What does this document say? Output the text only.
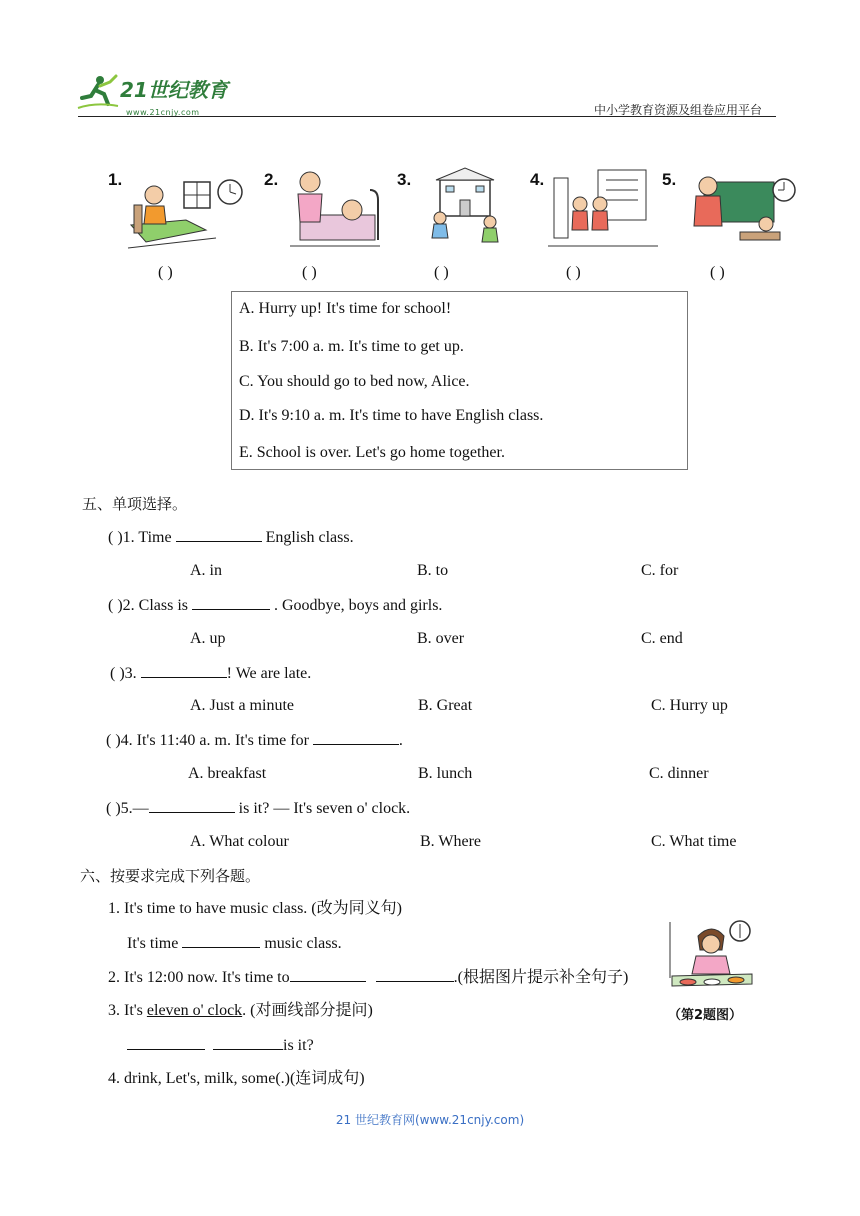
21世纪教育
www.21cnjy.com	中小学教育资源及组卷应用平台
1.	2.	3.	4.	5.
( )	( )	( )	( )	( )
A. Hurry up! It's time for school!
B. It's 7:00 a. m. It's time to get up.
C. You should go to bed now, Alice.
D. It's 9:10 a. m. It's time to have English class.
E. School is over. Let's go home together.
五、单项选择。
( )1. Time	English class.
A. in	B. to	C. for
( )2. Class is	. Goodbye, boys and girls.
A. up	B. over	C. end
( )3.	! We are late.
A. Just a minute	B. Great	C. Hurry up
( )4. It's 11:40 a. m. It's time for	.
A. breakfast	B. lunch	C. dinner
( )5.—	is it? — It's seven o' clock.
A. What colour	B. Where	C. What time
六、按要求完成下列各题。
1. It's time to have music class. (改为同义句)
It's time	music class.
2. It's 12:00 now. It's time to	.(根据图片提示补全句子)
（第2题图）
3. It's eleven o' clock. (对画线部分提问)
is it?
4. drink, Let's, milk, some(.)(连词成句)
21 世纪教育网(www.21cnjy.com)
